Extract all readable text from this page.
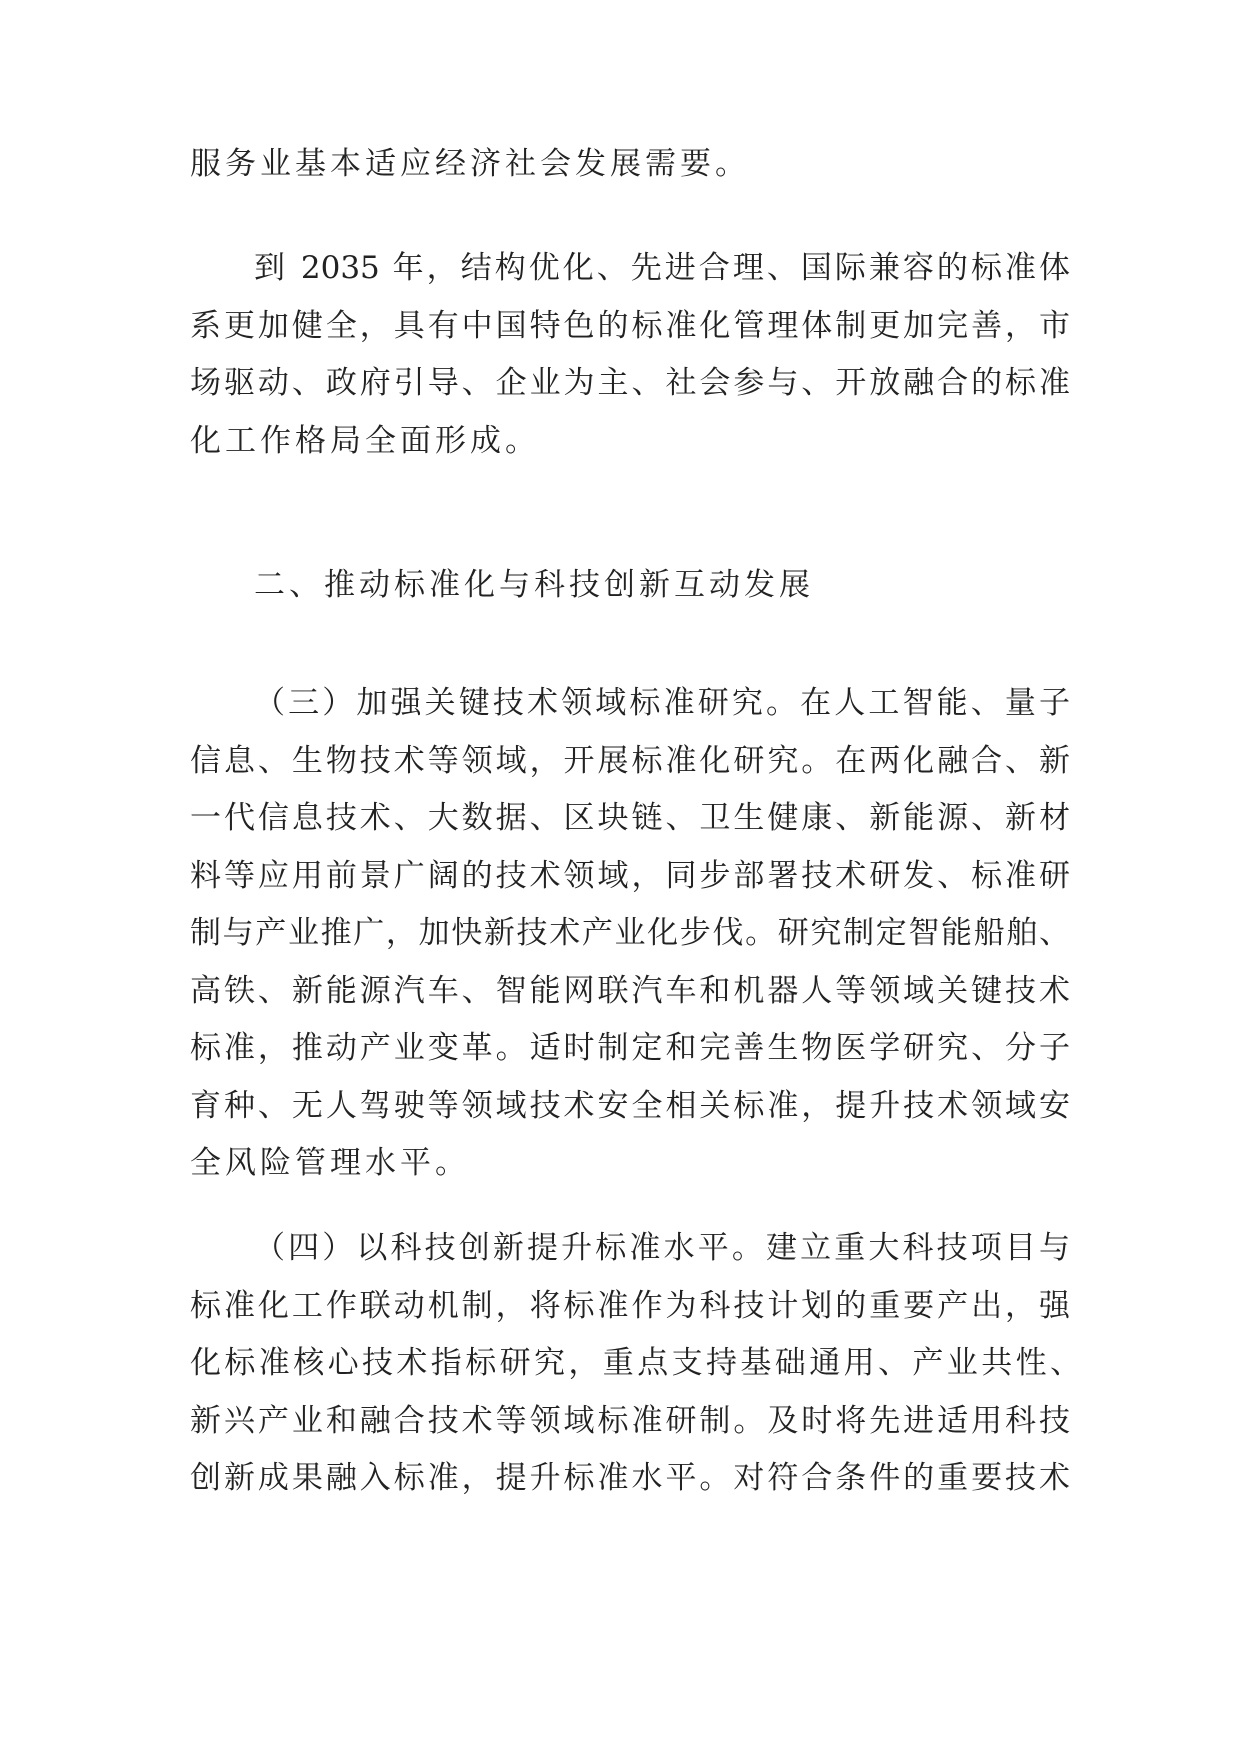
服务业基本适应经济社会发展需要。
到 2035 年，结构优化、先进合理、国际兼容的标准体
系更加健全，具有中国特色的标准化管理体制更加完善，市
场驱动、政府引导、企业为主、社会参与、开放融合的标准
化工作格局全面形成。
二、推动标准化与科技创新互动发展
（三）加强关键技术领域标准研究。在人工智能、量子
信息、生物技术等领域，开展标准化研究。在两化融合、新
一代信息技术、大数据、区块链、卫生健康、新能源、新材
料等应用前景广阔的技术领域，同步部署技术研发、标准研
制与产业推广，加快新技术产业化步伐。研究制定智能船舶、
高铁、新能源汽车、智能网联汽车和机器人等领域关键技术
标准，推动产业变革。适时制定和完善生物医学研究、分子
育种、无人驾驶等领域技术安全相关标准，提升技术领域安
全风险管理水平。
（四）以科技创新提升标准水平。建立重大科技项目与
标准化工作联动机制，将标准作为科技计划的重要产出，强
化标准核心技术指标研究，重点支持基础通用、产业共性、
新兴产业和融合技术等领域标准研制。及时将先进适用科技
创新成果融入标准，提升标准水平。对符合条件的重要技术
